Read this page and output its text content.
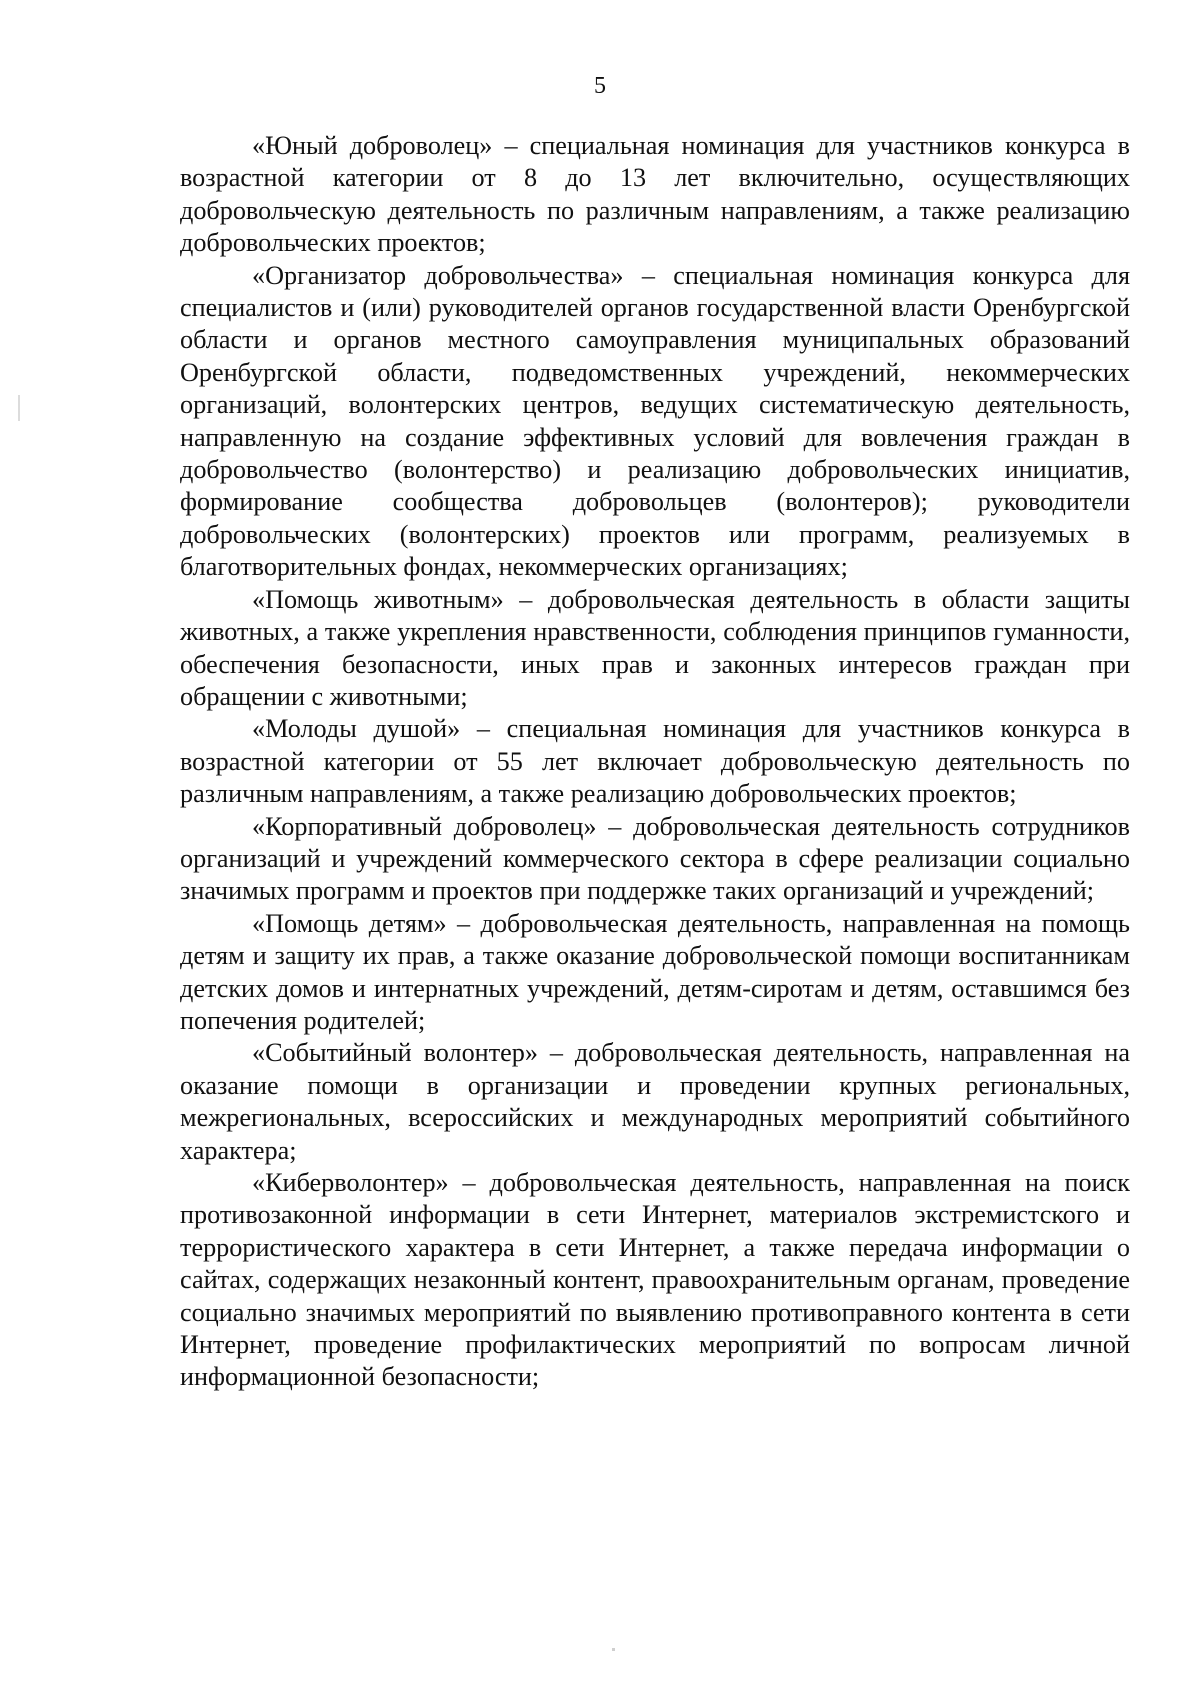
5

«Юный доброволец» – специальная номинация для участников конкурса в возрастной категории от 8 до 13 лет включительно, осуществляющих добровольческую деятельность по различным направлениям, а также реализацию добровольческих проектов;

«Организатор добровольчества» – специальная номинация конкурса для специалистов и (или) руководителей органов государственной власти Оренбургской области и органов местного самоуправления муниципальных образований Оренбургской области, подведомственных учреждений, некоммерческих организаций, волонтерских центров, ведущих систематическую деятельность, направленную на создание эффективных условий для вовлечения граждан в добровольчество (волонтерство) и реализацию добровольческих инициатив, формирование сообщества добровольцев (волонтеров); руководители добровольческих (волонтерских) проектов или программ, реализуемых в благотворительных фондах, некоммерческих организациях;

«Помощь животным» – добровольческая деятельность в области защиты животных, а также укрепления нравственности, соблюдения принципов гуманности, обеспечения безопасности, иных прав и законных интересов граждан при обращении с животными;

«Молоды душой» – специальная номинация для участников конкурса в возрастной категории от 55 лет включает добровольческую деятельность по различным направлениям, а также реализацию добровольческих проектов;

«Корпоративный доброволец» – добровольческая деятельность сотрудников организаций и учреждений коммерческого сектора в сфере реализации социально значимых программ и проектов при поддержке таких организаций и учреждений;

«Помощь детям» – добровольческая деятельность, направленная на помощь детям и защиту их прав, а также оказание добровольческой помощи воспитанникам детских домов и интернатных учреждений, детям-сиротам и детям, оставшимся без попечения родителей;

«Событийный волонтер» – добровольческая деятельность, направленная на оказание помощи в организации и проведении крупных региональных, межрегиональных, всероссийских и международных мероприятий событийного характера;

«Киберволонтер» – добровольческая деятельность, направленная на поиск противозаконной информации в сети Интернет, материалов экстремистского и террористического характера в сети Интернет, а также передача информации о сайтах, содержащих незаконный контент, правоохранительным органам, проведение социально значимых мероприятий по выявлению противоправного контента в сети Интернет, проведение профилактических мероприятий по вопросам личной информационной безопасности;
